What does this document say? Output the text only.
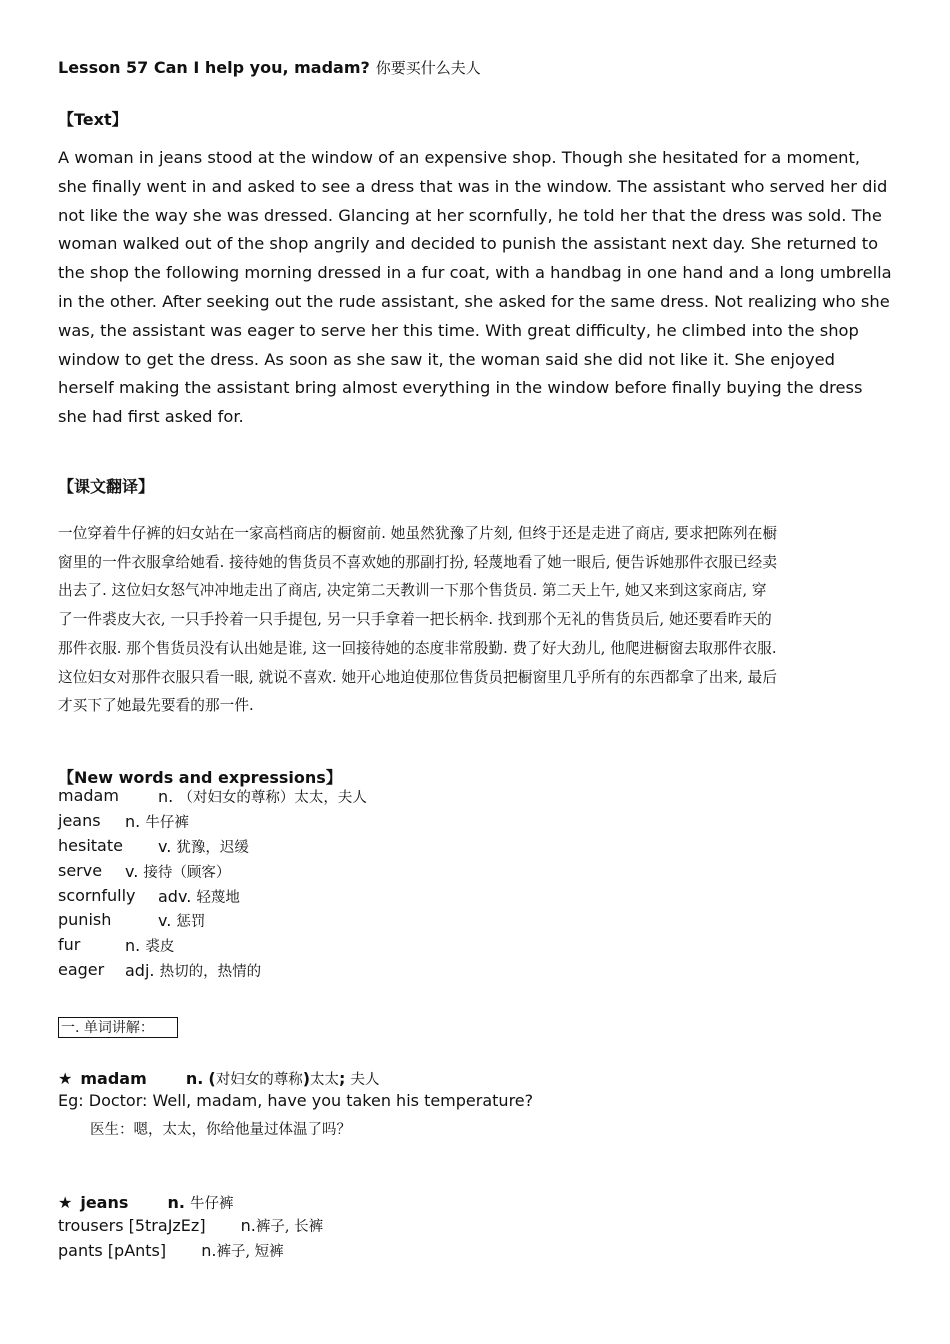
Lesson 57 Can I help you, madam? 你要买什么夫人
【Text】

A woman in jeans stood at the window of an expensive shop. Though she hesitated for a moment,

she finally went in and asked to see a dress that was in the window. The assistant who served her did

not like the way she was dressed. Glancing at her scornfully, he told her that the dress was sold. The

woman walked out of the shop angrily and decided to punish the assistant next day. She returned to

the shop the following morning dressed in a fur coat, with a handbag in one hand and a long umbrella

in the other. After seeking out the rude assistant, she asked for the same dress. Not realizing who she

was, the assistant was eager to serve her this time. With great difficulty, he climbed into the shop

window to get the dress. As soon as she saw it, the woman said she did not like it. She enjoyed

herself making the assistant bring almost everything in the window before finally buying the dress

she had first asked for.

【课文翻译】

一位穿着牛仔裤的妇女站在一家高档商店的橱窗前. 她虽然犹豫了片刻, 但终于还是走进了商店, 要求把陈列在橱

窗里的一件衣服拿给她看. 接待她的售货员不喜欢她的那副打扮, 轻蔑地看了她一眼后, 便告诉她那件衣服已经卖

出去了. 这位妇女怒气冲冲地走出了商店, 决定第二天教训一下那个售货员. 第二天上午, 她又来到这家商店, 穿

了一件裘皮大衣, 一只手拎着一只手提包, 另一只手拿着一把长柄伞. 找到那个无礼的售货员后, 她还要看昨天的

那件衣服. 那个售货员没有认出她是谁, 这一回接待她的态度非常殷勤. 费了好大劲儿, 他爬进橱窗去取那件衣服.

这位妇女对那件衣服只看一眼, 就说不喜欢. 她开心地迫使那位售货员把橱窗里几乎所有的东西都拿了出来, 最后

才买下了她最先要看的那一件.

【New words and expressions】
madam n. （对妇女的尊称）太太，夫人
jeans n. 牛仔裤
hesitate v. 犹豫，迟缓
serve v. 接待（顾客）
scornfully adv. 轻蔑地
punish	v. 惩罚
fur	n. 裘皮
eager adj. 热切的，热情的
一. 单词讲解：
★ madam n. (对妇女的尊称)太太; 夫人
Eg: Doctor: Well, madam, have you taken his temperature?
医生：嗯，太太，你给他量过体温了吗？
★ jeans n. 牛仔裤
trousers [5traJzEz] n.裤子, 长裤
pants [pAnts] n.裤子, 短裤
